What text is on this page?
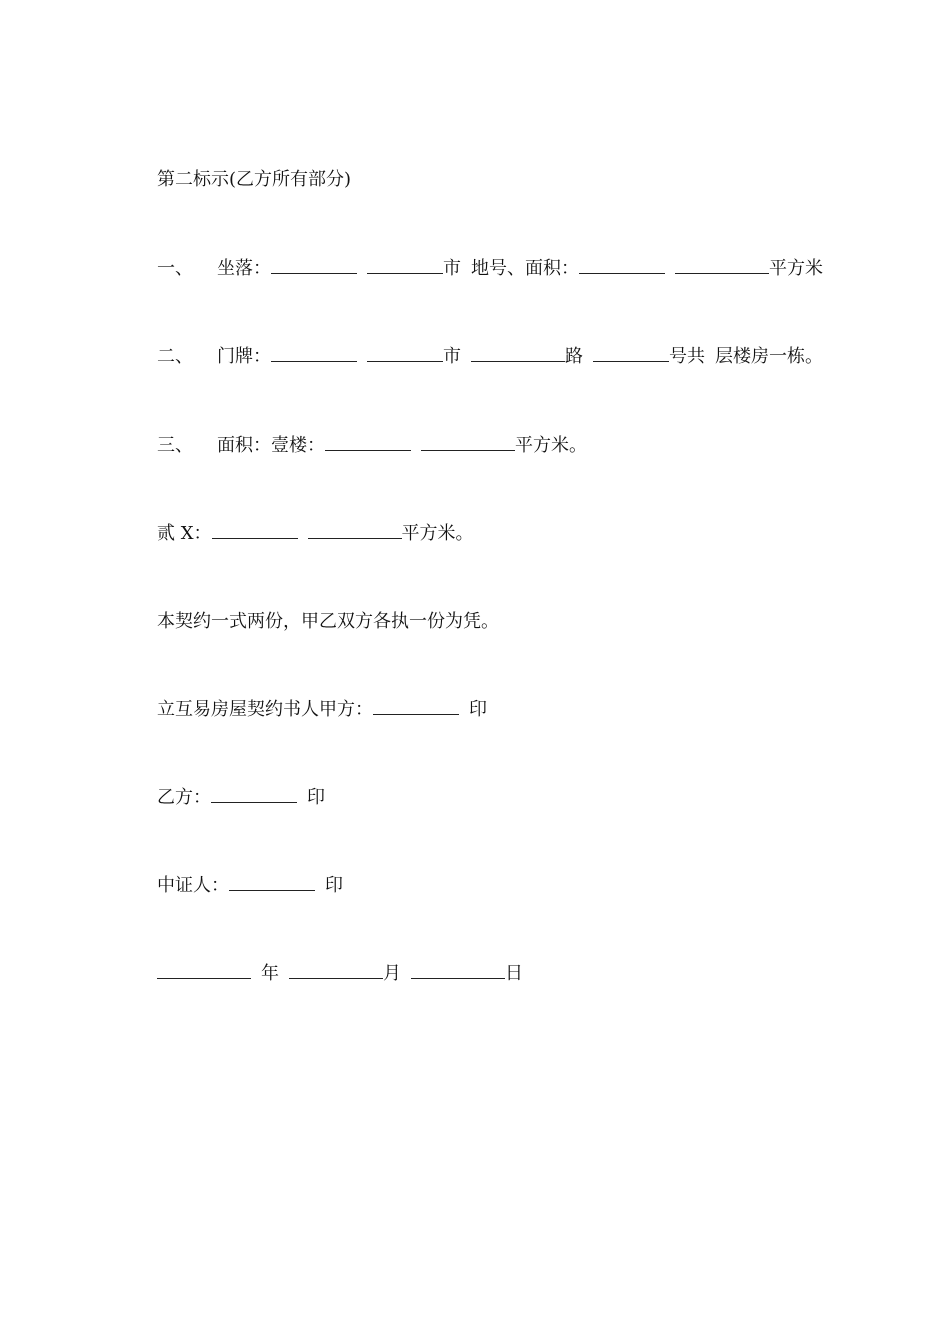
第二标示(乙方所有部分)
一、 坐落：	市 地号、面积：	平方米
二、 门牌：	市	路	号共 层楼房一栋。
三、 面积：壹楼：	平方米。
贰 X：	平方米。
本契约一式两份，甲乙双方各执一份为凭。
立互易房屋契约书人甲方：	印
乙方：	印
中证人：	印
年	月	日
